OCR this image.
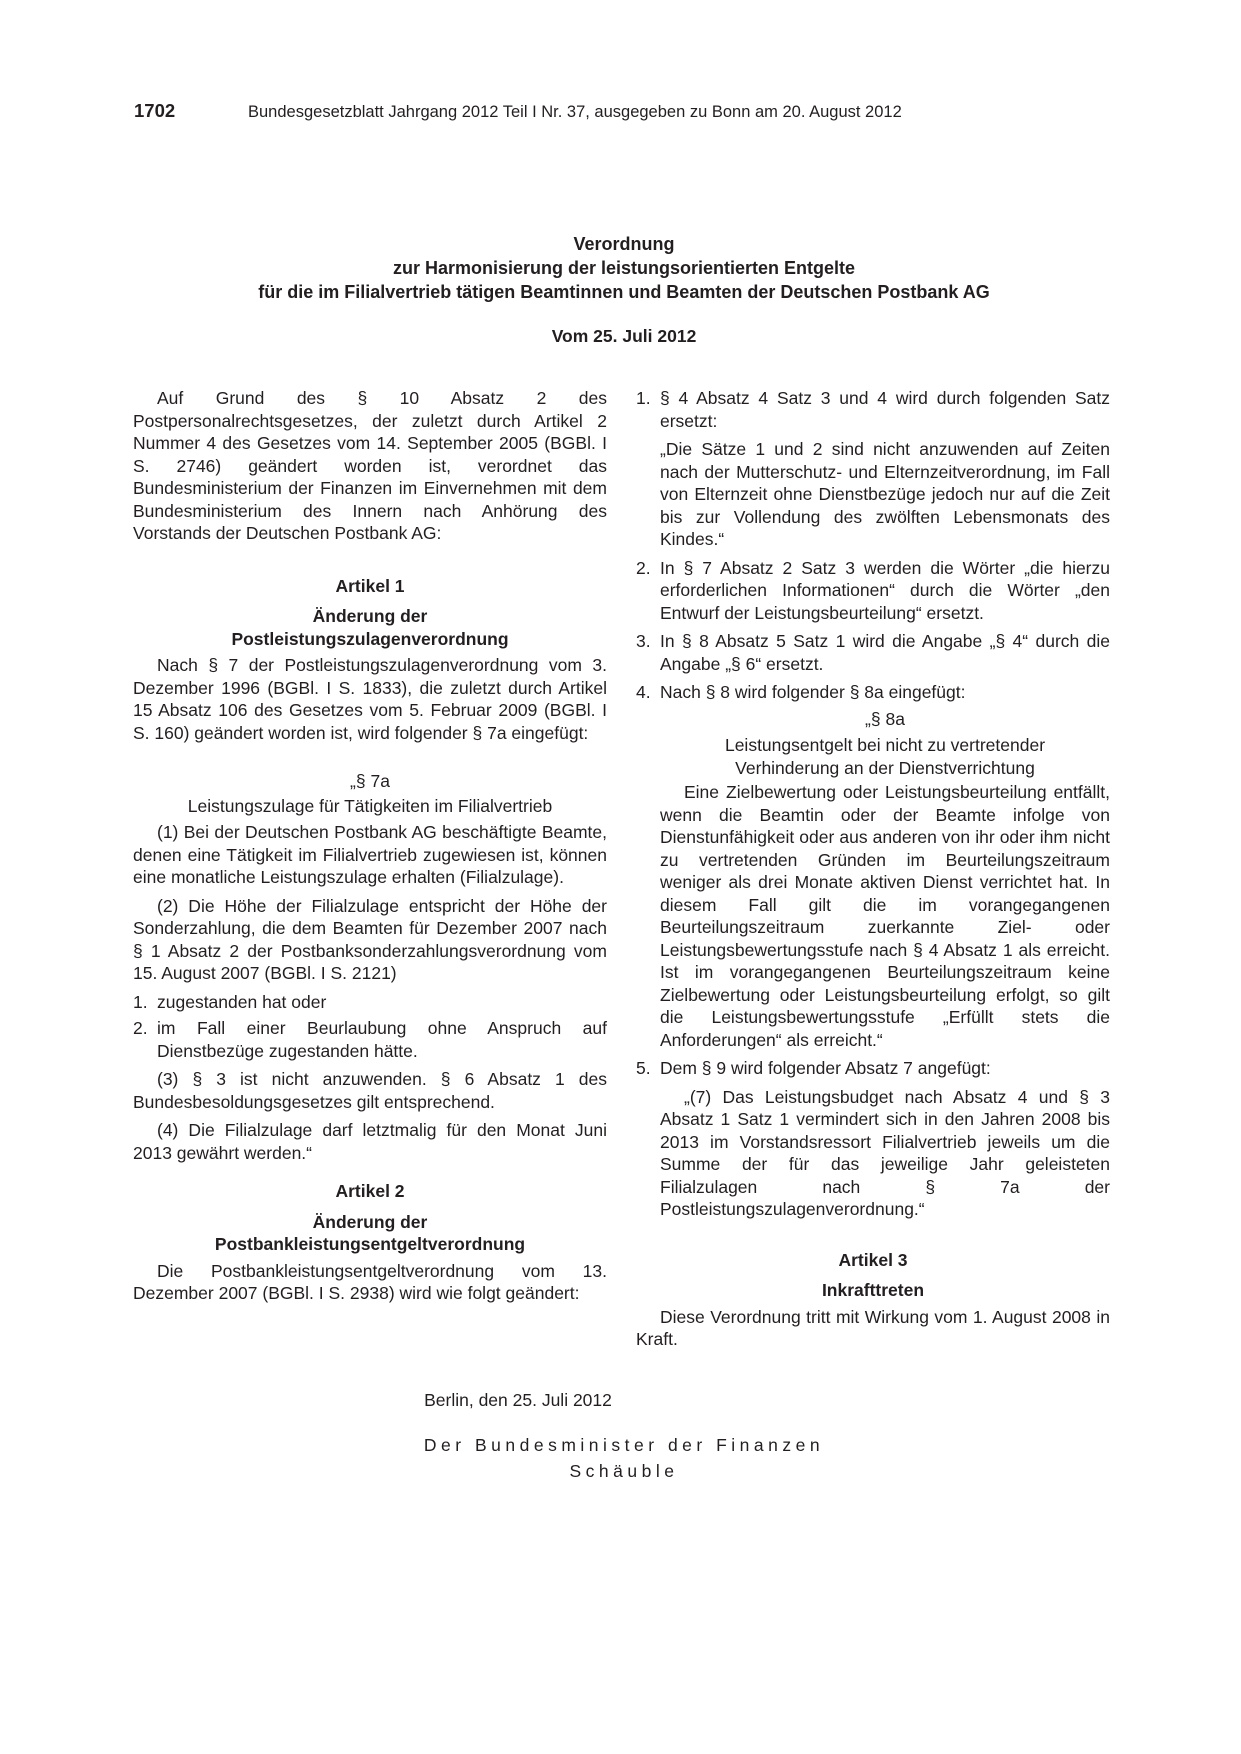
1702	Bundesgesetzblatt Jahrgang 2012 Teil I Nr. 37, ausgegeben zu Bonn am 20. August 2012
Verordnung
zur Harmonisierung der leistungsorientierten Entgelte
für die im Filialvertrieb tätigen Beamtinnen und Beamten der Deutschen Postbank AG
Vom 25. Juli 2012

Auf Grund des § 10 Absatz 2 des Postpersonalrechtsgesetzes, der zuletzt durch Artikel 2 Nummer 4 des Gesetzes vom 14. September 2005 (BGBl. I S. 2746) geändert worden ist, verordnet das Bundesministerium der Finanzen im Einvernehmen mit dem Bundesministerium des Innern nach Anhörung des Vorstands der Deutschen Postbank AG:

Artikel 1

Änderung der

Postleistungszulagenverordnung

Nach § 7 der Postleistungszulagenverordnung vom 3. Dezember 1996 (BGBl. I S. 1833), die zuletzt durch Artikel 15 Absatz 106 des Gesetzes vom 5. Februar 2009 (BGBl. I S. 160) geändert worden ist, wird folgender § 7a eingefügt:

„§ 7a

Leistungszulage für Tätigkeiten im Filialvertrieb

(1) Bei der Deutschen Postbank AG beschäftigte Beamte, denen eine Tätigkeit im Filialvertrieb zugewiesen ist, können eine monatliche Leistungszulage erhalten (Filialzulage).

(2) Die Höhe der Filialzulage entspricht der Höhe der Sonderzahlung, die dem Beamten für Dezember 2007 nach § 1 Absatz 2 der Postbanksonderzahlungsverordnung vom 15. August 2007 (BGBl. I S. 2121)

1. zugestanden hat oder
2. im Fall einer Beurlaubung ohne Anspruch auf Dienstbezüge zugestanden hätte.

(3) § 3 ist nicht anzuwenden. § 6 Absatz 1 des Bundesbesoldungsgesetzes gilt entsprechend.

(4) Die Filialzulage darf letztmalig für den Monat Juni 2013 gewährt werden.“

Artikel 2

Änderung der

Postbankleistungsentgeltverordnung

Die Postbankleistungsentgeltverordnung vom 13. Dezember 2007 (BGBl. I S. 2938) wird wie folgt geändert:

1. § 4 Absatz 4 Satz 3 und 4 wird durch folgenden Satz ersetzt:

„Die Sätze 1 und 2 sind nicht anzuwenden auf Zeiten nach der Mutterschutz- und Elternzeitverordnung, im Fall von Elternzeit ohne Dienstbezüge jedoch nur auf die Zeit bis zur Vollendung des zwölften Lebensmonats des Kindes.“

2. In § 7 Absatz 2 Satz 3 werden die Wörter „die hierzu erforderlichen Informationen“ durch die Wörter „den Entwurf der Leistungsbeurteilung“ ersetzt.
3. In § 8 Absatz 5 Satz 1 wird die Angabe „§ 4“ durch die Angabe „§ 6“ ersetzt.
4. Nach § 8 wird folgender § 8a eingefügt:

„§ 8a

Leistungsentgelt bei nicht zu vertretender

Verhinderung an der Dienstverrichtung

Eine Zielbewertung oder Leistungsbeurteilung entfällt, wenn die Beamtin oder der Beamte infolge von Dienstunfähigkeit oder aus anderen von ihr oder ihm nicht zu vertretenden Gründen im Beurteilungszeitraum weniger als drei Monate aktiven Dienst verrichtet hat. In diesem Fall gilt die im vorangegangenen Beurteilungszeitraum zuerkannte Ziel- oder Leistungsbewertungsstufe nach § 4 Absatz 1 als erreicht. Ist im vorangegangenen Beurteilungszeitraum keine Zielbewertung oder Leistungsbeurteilung erfolgt, so gilt die Leistungsbewertungsstufe „Erfüllt stets die Anforderungen“ als erreicht.“

5. Dem § 9 wird folgender Absatz 7 angefügt:

„(7) Das Leistungsbudget nach Absatz 4 und § 3 Absatz 1 Satz 1 vermindert sich in den Jahren 2008 bis 2013 im Vorstandsressort Filialvertrieb jeweils um die Summe der für das jeweilige Jahr geleisteten Filialzulagen nach § 7a der Postleistungszulagenverordnung.“

Artikel 3

Inkrafttreten

Diese Verordnung tritt mit Wirkung vom 1. August 2008 in Kraft.

Berlin, den 25. Juli 2012
Der Bundesminister der Finanzen
Schäuble
